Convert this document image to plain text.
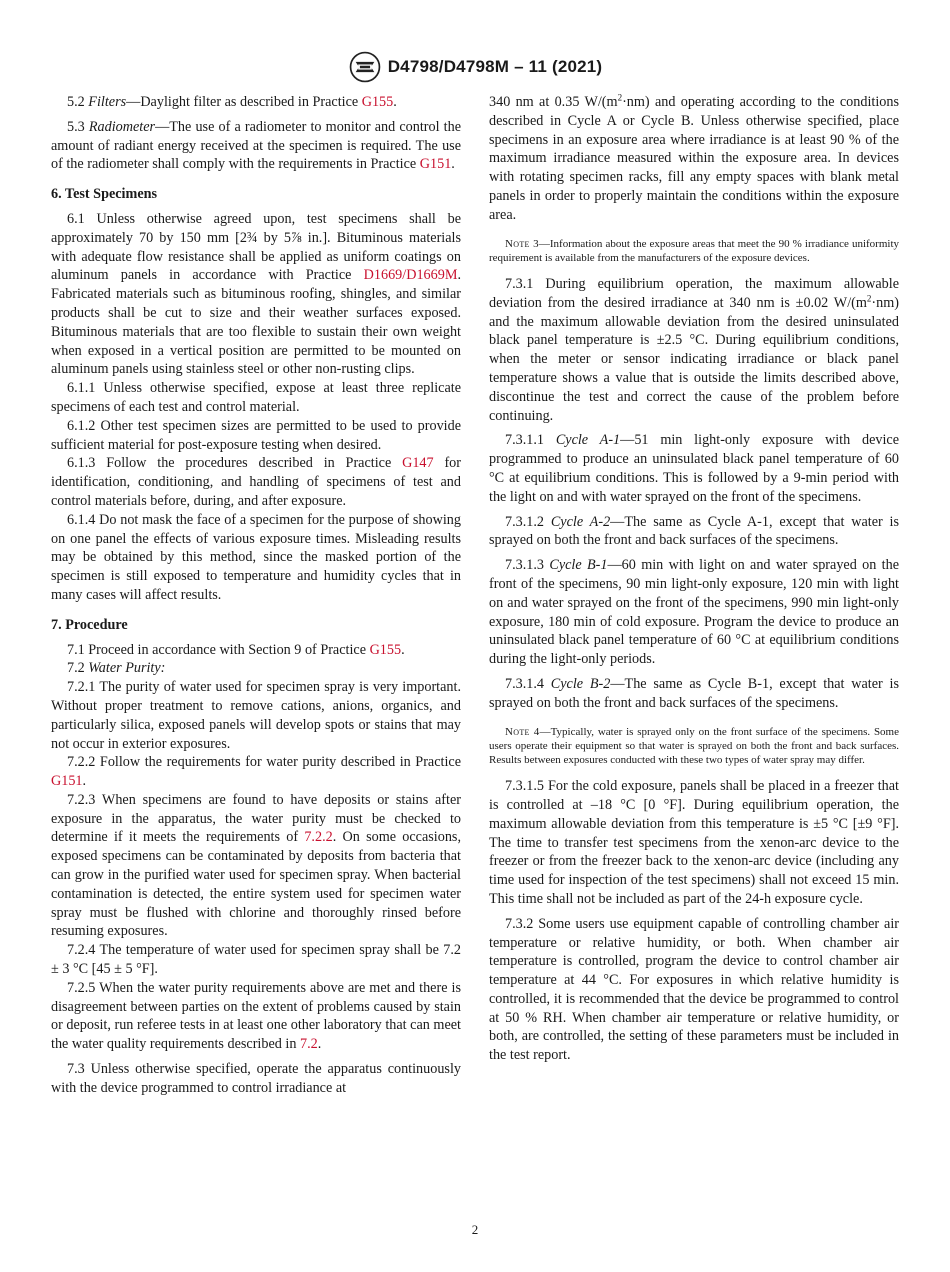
D4798/D4798M – 11 (2021)

5.2 Filters—Daylight filter as described in Practice G155.

5.3 Radiometer—The use of a radiometer to monitor and control the amount of radiant energy received at the specimen is required. The use of the radiometer shall comply with the requirements in Practice G151.

6. Test Specimens

6.1 Unless otherwise agreed upon, test specimens shall be approximately 70 by 150 mm [2¾ by 5⅞ in.]. Bituminous materials with adequate flow resistance shall be applied as uniform coatings on aluminum panels in accordance with Practice D1669/D1669M. Fabricated materials such as bituminous roofing, shingles, and similar products shall be cut to size and their weather surfaces exposed. Bituminous materials that are too flexible to sustain their own weight when exposed in a vertical position are permitted to be mounted on aluminum panels using stainless steel or other non-rusting clips.

6.1.1 Unless otherwise specified, expose at least three replicate specimens of each test and control material.

6.1.2 Other test specimen sizes are permitted to be used to provide sufficient material for post-exposure testing when desired.

6.1.3 Follow the procedures described in Practice G147 for identification, conditioning, and handling of specimens of test and control materials before, during, and after exposure.

6.1.4 Do not mask the face of a specimen for the purpose of showing on one panel the effects of various exposure times. Misleading results may be obtained by this method, since the masked portion of the specimen is still exposed to temperature and humidity cycles that in many cases will affect results.

7. Procedure

7.1 Proceed in accordance with Section 9 of Practice G155.

7.2 Water Purity:

7.2.1 The purity of water used for specimen spray is very important. Without proper treatment to remove cations, anions, organics, and particularly silica, exposed panels will develop spots or stains that may not occur in exterior exposures.

7.2.2 Follow the requirements for water purity described in Practice G151.

7.2.3 When specimens are found to have deposits or stains after exposure in the apparatus, the water purity must be checked to determine if it meets the requirements of 7.2.2. On some occasions, exposed specimens can be contaminated by deposits from bacteria that can grow in the purified water used for specimen spray. When bacterial contamination is detected, the entire system used for specimen water spray must be flushed with chlorine and thoroughly rinsed before resuming exposures.

7.2.4 The temperature of water used for specimen spray shall be 7.2 ± 3 °C [45 ± 5 °F].

7.2.5 When the water purity requirements above are met and there is disagreement between parties on the extent of problems caused by stain or deposit, run referee tests in at least one other laboratory that can meet the water quality requirements described in 7.2.

7.3 Unless otherwise specified, operate the apparatus continuously with the device programmed to control irradiance at

340 nm at 0.35 $W/(m^2\cdot nm)$ and operating according to the conditions described in Cycle A or Cycle B. Unless otherwise specified, place specimens in an exposure area where irradiance is at least 90 % of the maximum irradiance measured within the exposure area. In devices with rotating specimen racks, fill any empty spaces with blank metal panels in order to properly maintain the conditions within the exposure area.

Note 3—Information about the exposure areas that meet the 90 % irradiance uniformity requirement is available from the manufacturers of the exposure devices.

7.3.1 During equilibrium operation, the maximum allowable deviation from the desired irradiance at 340 nm is ±0.02 $W/(m^2\cdot nm)$ and the maximum allowable deviation from the desired uninsulated black panel temperature is ±2.5 °C. During equilibrium conditions, when the meter or sensor indicating irradiance or black panel temperature shows a value that is outside the limits described above, discontinue the test and correct the cause of the problem before continuing.

7.3.1.1 Cycle A-1—51 min light-only exposure with device programmed to produce an uninsulated black panel temperature of 60 °C at equilibrium conditions. This is followed by a 9-min period with the light on and with water sprayed on the front of the specimens.

7.3.1.2 Cycle A-2—The same as Cycle A-1, except that water is sprayed on both the front and back surfaces of the specimens.

7.3.1.3 Cycle B-1—60 min with light on and water sprayed on the front of the specimens, 90 min light-only exposure, 120 min with light on and water sprayed on the front of the specimens, 990 min light-only exposure, 180 min of cold exposure. Program the device to produce an uninsulated black panel temperature of 60 °C at equilibrium conditions during the light-only periods.

7.3.1.4 Cycle B-2—The same as Cycle B-1, except that water is sprayed on both the front and back surfaces of the specimens.

Note 4—Typically, water is sprayed only on the front surface of the specimens. Some users operate their equipment so that water is sprayed on both the front and back surfaces. Results between exposures conducted with these two types of water spray may differ.

7.3.1.5 For the cold exposure, panels shall be placed in a freezer that is controlled at –18 °C [0 °F]. During equilibrium operation, the maximum allowable deviation from this temperature is ±5 °C [±9 °F]. The time to transfer test specimens from the xenon-arc device to the freezer or from the freezer back to the xenon-arc device (including any time used for inspection of the test specimens) shall not exceed 15 min. This time shall not be included as part of the 24-h exposure cycle.

7.3.2 Some users use equipment capable of controlling chamber air temperature or relative humidity, or both. When chamber air temperature is controlled, program the device to control chamber air temperature at 44 °C. For exposures in which relative humidity is controlled, it is recommended that the device be programmed to control at 50 % RH. When chamber air temperature or relative humidity, or both, are controlled, the setting of these parameters must be included in the test report.

2
